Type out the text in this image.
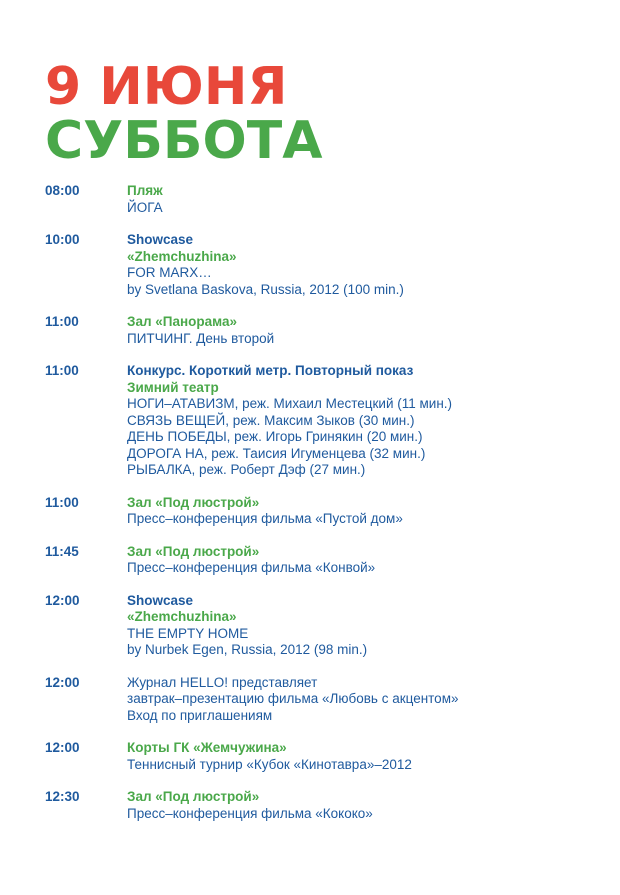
9 ИЮНЯ
СУББОТА
08:00	Пляж
ЙОГА
10:00	Showcase
«Zhemchuzhina»
FOR MARX…
by Svetlana Baskova, Russia, 2012 (100 min.)
11:00	Зал «Панорама»
ПИТЧИНГ. День второй
11:00	Конкурс. Короткий метр. Повторный показ
Зимний театр
НОГИ–АТАВИЗМ, реж. Михаил Местецкий (11 мин.)
СВЯЗЬ ВЕЩЕЙ, реж. Максим Зыков (30 мин.)
ДЕНЬ ПОБЕДЫ, реж. Игорь Гринякин (20 мин.)
ДОРОГА НА, реж. Таисия Игуменцева (32 мин.)
РЫБАЛКА, реж. Роберт Дэф (27 мин.)
11:00	Зал «Под люстрой»
Пресс–конференция фильма «Пустой дом»
11:45	Зал «Под люстрой»
Пресс–конференция фильма «Конвой»
12:00	Showcase
«Zhemchuzhina»
THE EMPTY HOME
by Nurbek Egen, Russia, 2012 (98 min.)
12:00	Журнал HELLO! представляет
завтрак–презентацию фильма «Любовь с акцентом»
Вход по приглашениям
12:00	Корты ГК «Жемчужина»
Теннисный турнир «Кубок «Кинотавра»–2012
12:30	Зал «Под люстрой»
Пресс–конференция фильма «Кококо»
